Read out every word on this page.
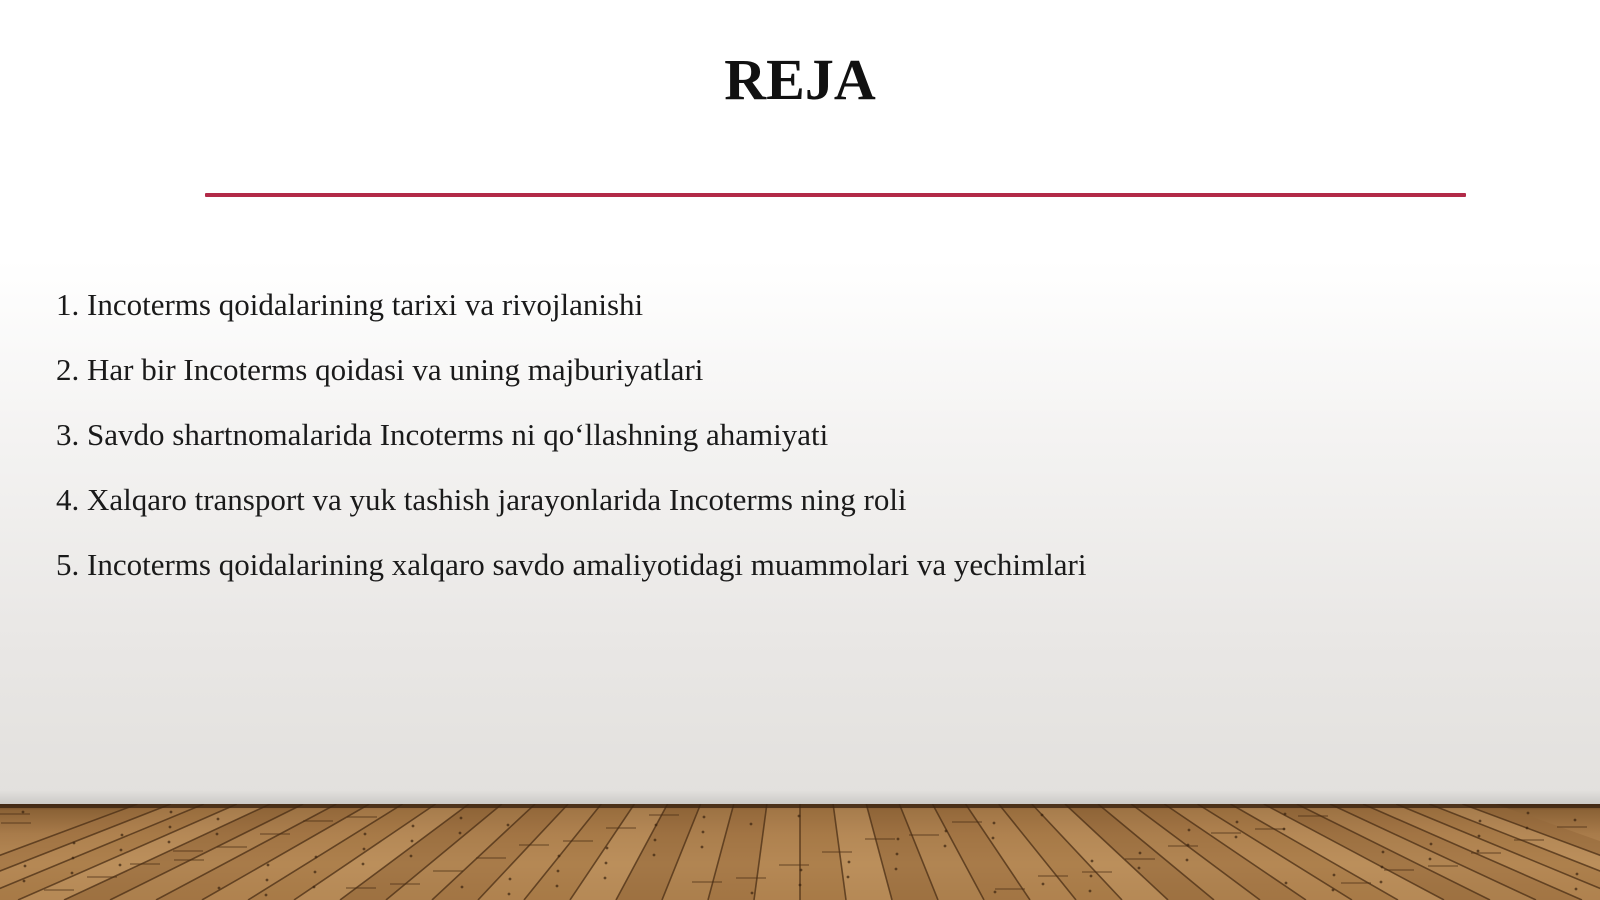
REJA
1. Incoterms qoidalarining tarixi va rivojlanishi
2. Har bir Incoterms qoidasi va uning majburiyatlari
3. Savdo shartnomalarida Incoterms ni qo‘llashning ahamiyati
4. Xalqaro transport va yuk tashish jarayonlarida Incoterms ning roli
5. Incoterms qoidalarining xalqaro savdo amaliyotidagi muammolari va yechimlari
